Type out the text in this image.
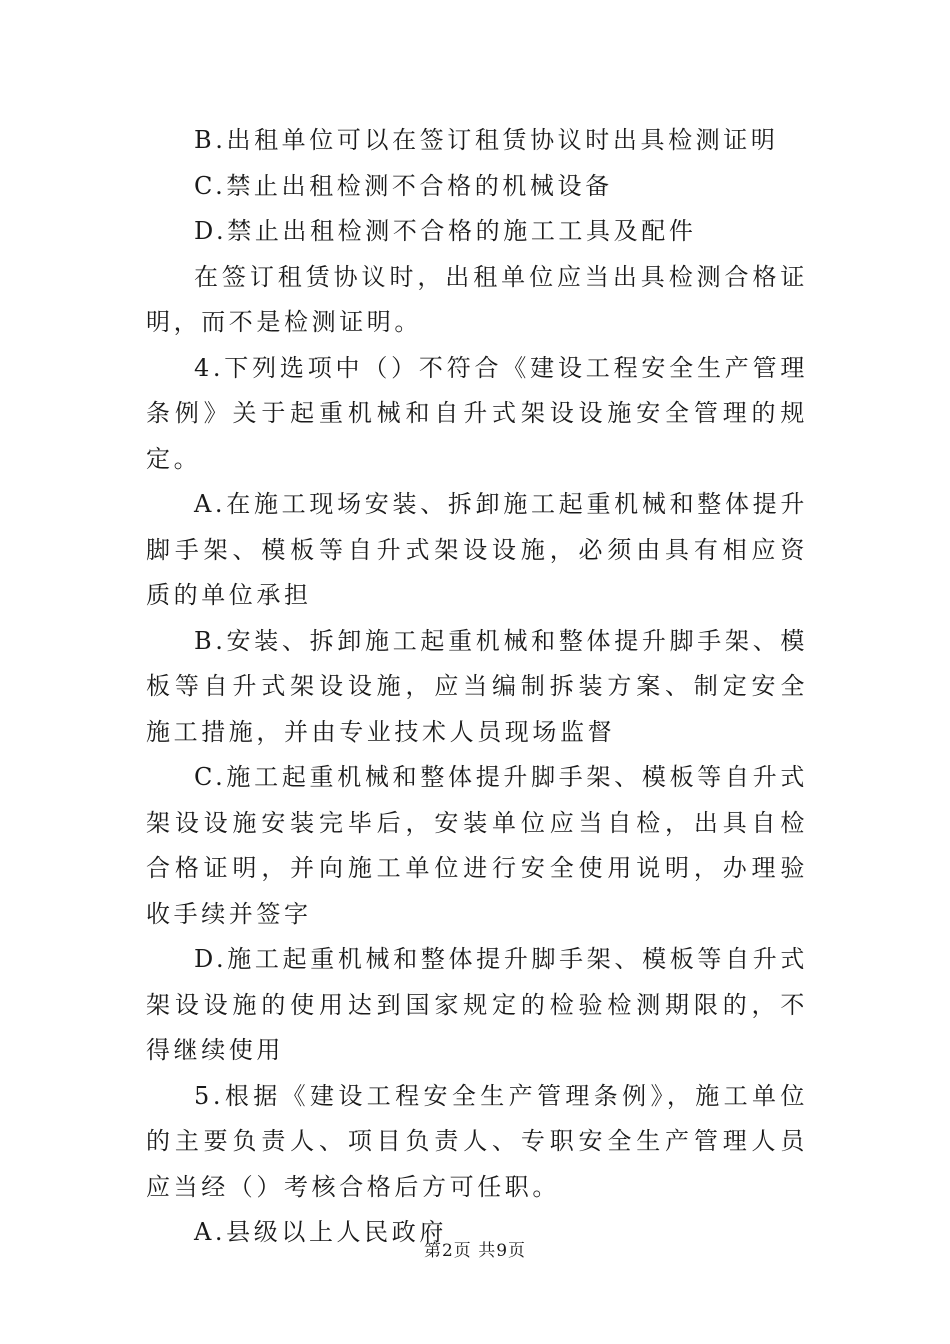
B.出租单位可以在签订租赁协议时出具检测证明

C.禁止出租检测不合格的机械设备

D.禁止出租检测不合格的施工工具及配件

在签订租赁协议时，出租单位应当出具检测合格证明，而不是检测证明。

4.下列选项中（）不符合《建设工程安全生产管理条例》关于起重机械和自升式架设设施安全管理的规定。

A.在施工现场安装、拆卸施工起重机械和整体提升脚手架、模板等自升式架设设施，必须由具有相应资质的单位承担

B.安装、拆卸施工起重机械和整体提升脚手架、模板等自升式架设设施，应当编制拆装方案、制定安全施工措施，并由专业技术人员现场监督

C.施工起重机械和整体提升脚手架、模板等自升式架设设施安装完毕后，安装单位应当自检，出具自检合格证明，并向施工单位进行安全使用说明，办理验收手续并签字

D.施工起重机械和整体提升脚手架、模板等自升式架设设施的使用达到国家规定的检验检测期限的，不得继续使用

5.根据《建设工程安全生产管理条例》，施工单位的主要负责人、项目负责人、专职安全生产管理人员应当经（）考核合格后方可任职。

A.县级以上人民政府

第2页 共9页
